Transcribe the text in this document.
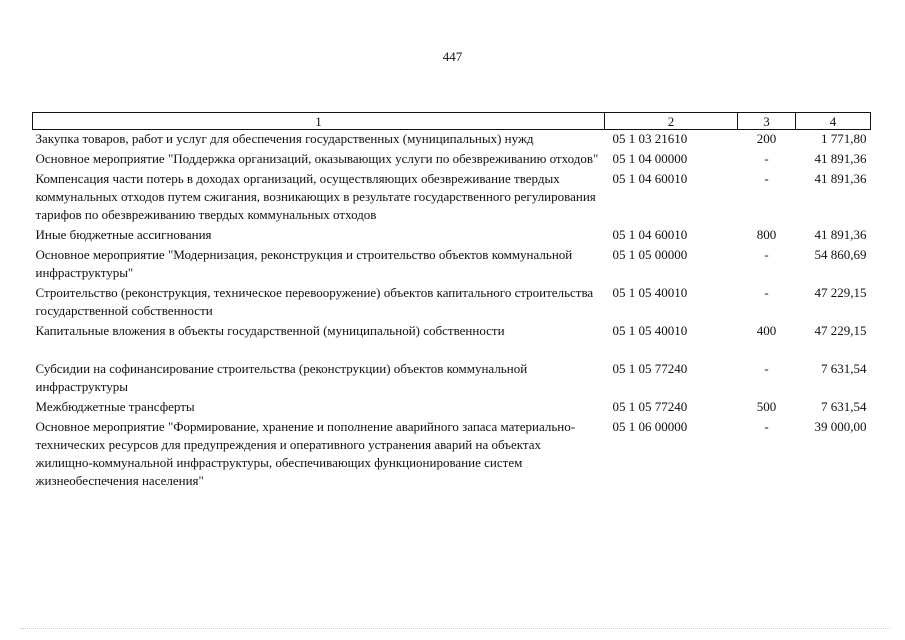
447
1	2	3	4
Закупка товаров, работ и услуг для обеспечения государственных (муниципальных) нужд	05 1 03 21610	200	1 771,80
Основное мероприятие "Поддержка организаций, оказывающих услуги по обезвреживанию отходов"	05 1 04 00000	-	41 891,36
Компенсация части потерь в доходах организаций, осуществляющих обезвреживание твердых коммунальных отходов путем сжигания, возникающих в результате государственного регулирования тарифов по обезвреживанию твердых коммунальных отходов	05 1 04 60010	-	41 891,36
Иные бюджетные ассигнования	05 1 04 60010	800	41 891,36
Основное мероприятие "Модернизация, реконструкция и строительство объектов коммунальной инфраструктуры"	05 1 05 00000	-	54 860,69
Строительство (реконструкция, техническое перевооружение) объектов капитального строительства государственной собственности	05 1 05 40010	-	47 229,15
Капитальные вложения в объекты государственной (муниципальной) собственности	05 1 05 40010	400	47 229,15

Субсидии на софинансирование строительства (реконструкции) объектов коммунальной инфраструктуры	05 1 05 77240	-	7 631,54
Межбюджетные трансферты	05 1 05 77240	500	7 631,54
Основное мероприятие "Формирование, хранение и пополнение аварийного запаса материально-технических ресурсов для предупреждения и оперативного устранения аварий на объектах жилищно-коммунальной инфраструктуры, обеспечивающих функционирование систем жизнеобеспечения населения"	05 1 06 00000	-	39 000,00
